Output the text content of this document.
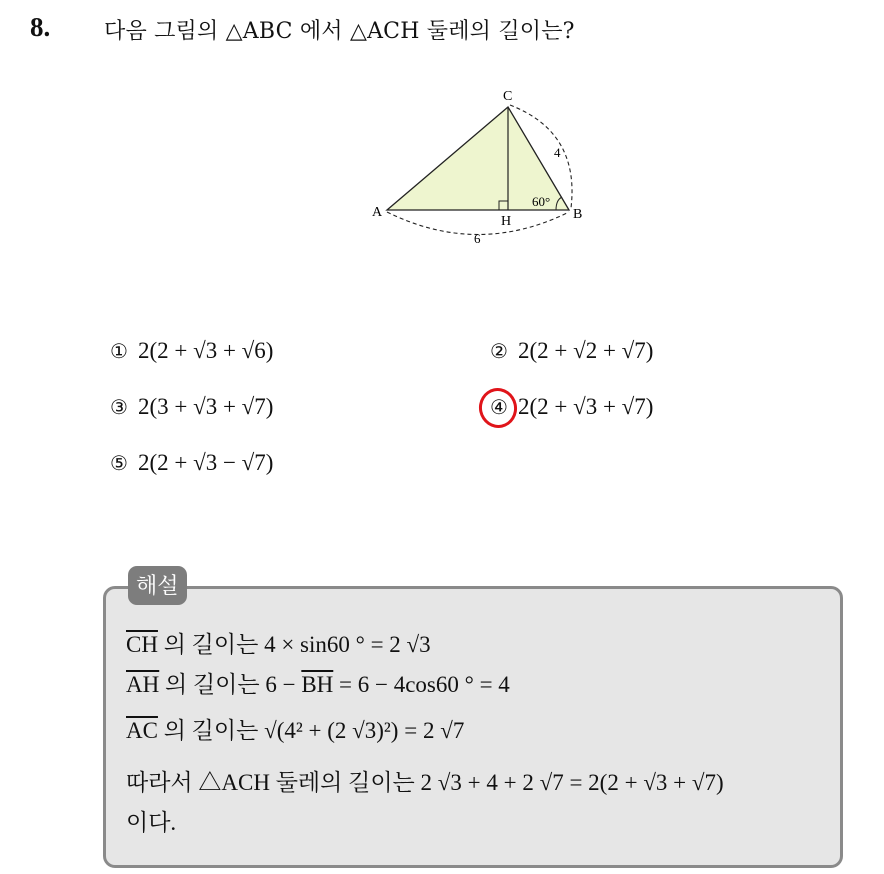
8. 다음 그림의 △ABC 에서 △ACH 둘레의 길이는?
C
A	B
H
4
6
60°
① 2(2 + √3 + √6)	② 2(2 + √2 + √7)
③ 2(3 + √3 + √7)	④ 2(2 + √3 + √7)
⑤ 2(2 + √3 − √7)
해설
$\overline{CH}$ 의 길이는 4 × sin60 ° = 2 √3
$\overline{AH}$ 의 길이는 $6 - \overline{BH} = 6 - 4\cos 60$ ° = 4
$\overline{AC}$ 의 길이는 √(4² + (2 √3)²) = 2 √7
따라서 △ACH 둘레의 길이는 2 √3 + 4 + 2 √7 = 2(2 + √3 + √7)
이다.
